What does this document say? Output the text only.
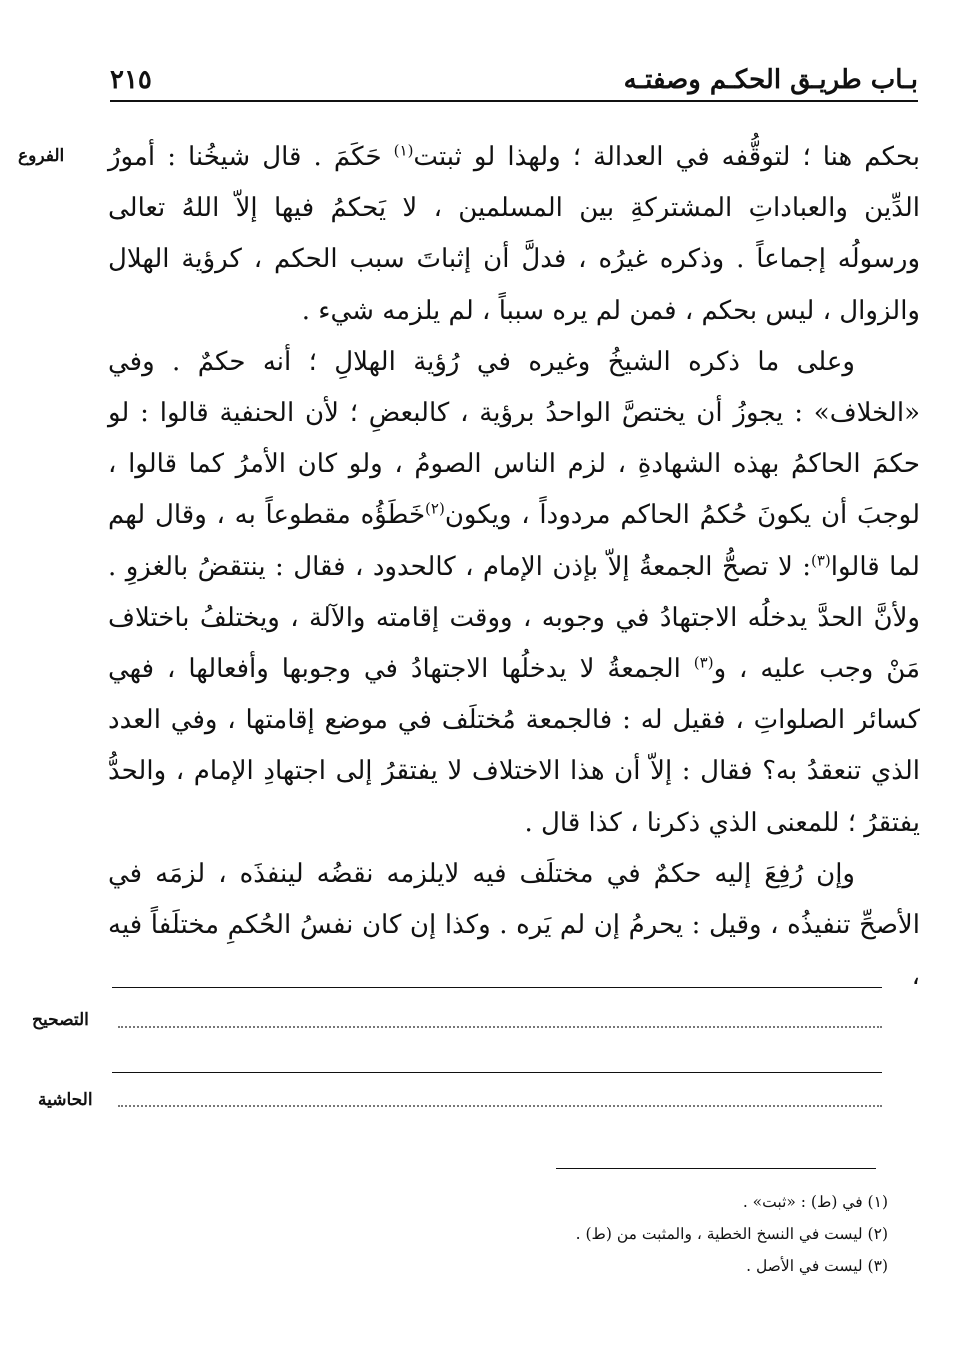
بـاب طريـق الحكـم وصفتـه
٢١٥
الفروع	بحكم هنا ؛ لتوقُّفه في العدالة ؛ ولهذا لو ثبتت$^{(١)}$ حَكَمَ . قال شيخُنا : أمورُ الدِّين والعباداتِ المشتركةِ بين المسلمين ، لا يَحكمُ فيها إلاّ اللهُ تعالى ورسولُه إجماعاً . وذكره غيرُه ، فدلَّ أن إثباتَ سبب الحكم ، كرؤية الهلال والزوال ، ليس بحكم ، فمن لم يره سبباً ، لم يلزمه شيء .

وعلى ما ذكره الشيخُ وغيره في رُؤية الهلالِ ؛ أنه حكمٌ . وفي «الخلاف» : يجوزُ أن يختصَّ الواحدُ برؤية ، كالبعضِ ؛ لأن الحنفية قالوا : لو حكمَ الحاكمُ بهذه الشهادةِ ، لزم الناس الصومُ ، ولو كان الأمرُ كما قالوا ، لوجبَ أن يكونَ حُكمُ الحاكم مردوداً ، ويكون$^{(٢)}$خَطَؤُه مقطوعاً به ، وقال لهم لما قالوا$^{(٣)}$: لا تصحُّ الجمعةُ إلاّ بإذن الإمام ، كالحدود ، فقال : ينتقضُ بالغزوِ . ولأنَّ الحدَّ يدخلُه الاجتهادُ في وجوبه ، ووقت إقامته والآلة ، ويختلفُ باختلاف مَنْ وجب عليه ، و$^{(٣)}$ الجمعةُ لا يدخلُها الاجتهادُ في وجوبها وأفعالها ، فهي كسائر الصلواتِ ، فقيل له : فالجمعة مُختلَف في موضع إقامتها ، وفي العدد الذي تنعقدُ به؟ فقال : إلاّ أن هذا الاختلاف لا يفتقرُ إلى اجتهادِ الإمام ، والحدُّ يفتقرُ ؛ للمعنى الذي ذكرنا ، كذا قال .

وإن رُفِعَ إليه حكمٌ في مختلَف فيه لايلزمه نقضُه لينفذَه ، لزمَه في الأصحِّ تنفيذُه ، وقيل : يحرمُ إن لم يَره . وكذا إن كان نفسُ الحُكمِ مختلَفاً فيه ،

التصحيح
الحاشية
(١) في (ط) : «ثبت» .
(٢) ليست في النسخ الخطية ، والمثبت من (ط) .
(٣) ليست في الأصل .
